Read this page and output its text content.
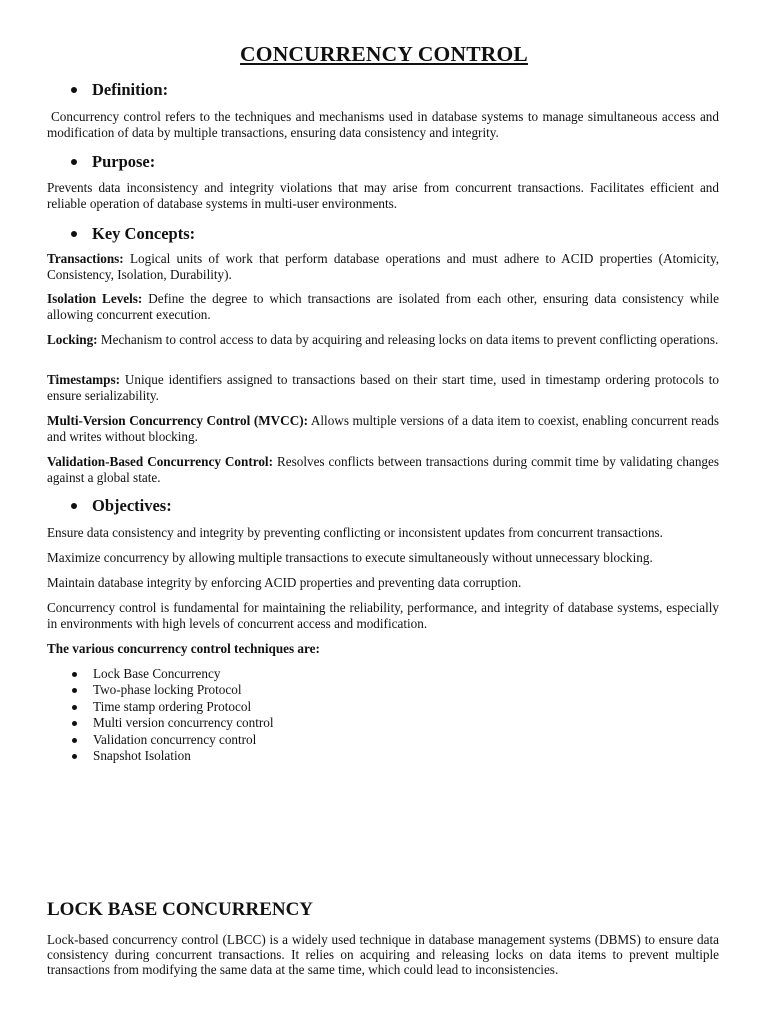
CONCURRENCY CONTROL
Definition:

Concurrency control refers to the techniques and mechanisms used in database systems to manage simultaneous access and modification of data by multiple transactions, ensuring data consistency and integrity.

Purpose:

Prevents data inconsistency and integrity violations that may arise from concurrent transactions. Facilitates efficient and reliable operation of database systems in multi-user environments.

Key Concepts:

Transactions: Logical units of work that perform database operations and must adhere to ACID properties (Atomicity, Consistency, Isolation, Durability).

Isolation Levels: Define the degree to which transactions are isolated from each other, ensuring data consistency while allowing concurrent execution.

Locking: Mechanism to control access to data by acquiring and releasing locks on data items to prevent conflicting operations.

Timestamps: Unique identifiers assigned to transactions based on their start time, used in timestamp ordering protocols to ensure serializability.

Multi-Version Concurrency Control (MVCC): Allows multiple versions of a data item to coexist, enabling concurrent reads and writes without blocking.

Validation-Based Concurrency Control: Resolves conflicts between transactions during commit time by validating changes against a global state.

Objectives:

Ensure data consistency and integrity by preventing conflicting or inconsistent updates from concurrent transactions.

Maximize concurrency by allowing multiple transactions to execute simultaneously without unnecessary blocking.

Maintain database integrity by enforcing ACID properties and preventing data corruption.

Concurrency control is fundamental for maintaining the reliability, performance, and integrity of database systems, especially in environments with high levels of concurrent access and modification.

The various concurrency control techniques are:

Lock Base Concurrency
Two-phase locking Protocol
Time stamp ordering Protocol
Multi version concurrency control
Validation concurrency control
Snapshot Isolation
LOCK BASE CONCURRENCY

Lock-based concurrency control (LBCC) is a widely used technique in database management systems (DBMS) to ensure data consistency during concurrent transactions. It relies on acquiring and releasing locks on data items to prevent multiple transactions from modifying the same data at the same time, which could lead to inconsistencies.
